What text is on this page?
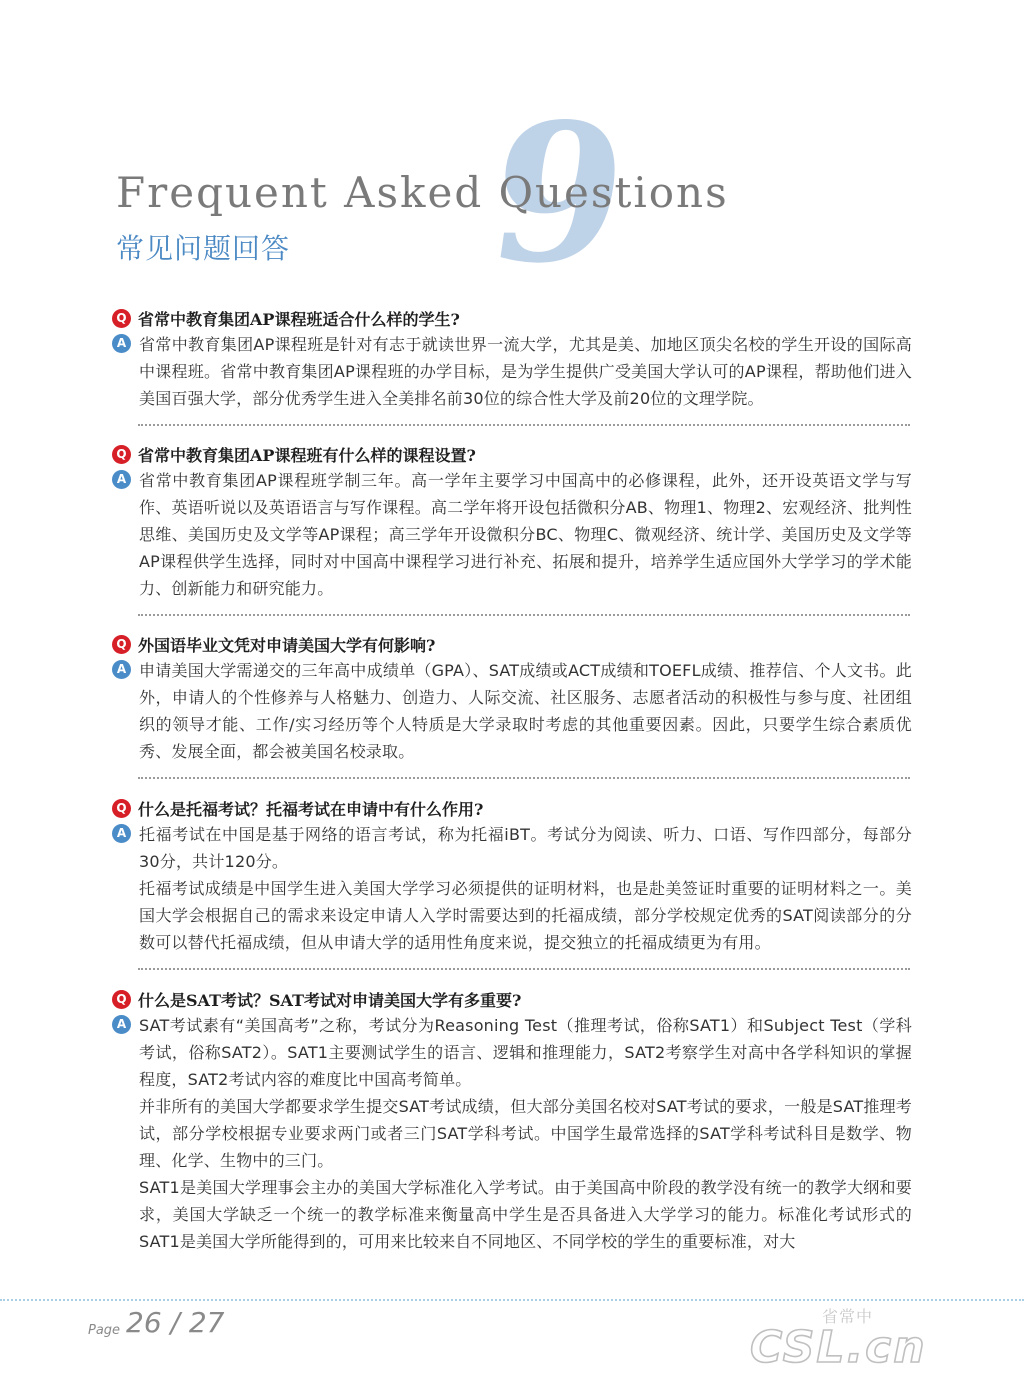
9
Frequent Asked Questions
常见问题回答
Q 省常中教育集团AP课程班适合什么样的学生?
A 省常中教育集团AP课程班是针对有志于就读世界一流大学，尤其是美、加地区顶尖名校的学生开设的国际高中课程班。省常中教育集团AP课程班的办学目标，是为学生提供广受美国大学认可的AP课程，帮助他们进入美国百强大学，部分优秀学生进入全美排名前30位的综合性大学及前20位的文理学院。

Q 省常中教育集团AP课程班有什么样的课程设置?
A 省常中教育集团AP课程班学制三年。高一学年主要学习中国高中的必修课程，此外，还开设英语文学与写作、英语听说以及英语语言与写作课程。高二学年将开设包括微积分AB、物理1、物理2、宏观经济、批判性思维、美国历史及文学等AP课程；高三学年开设微积分BC、物理C、微观经济、统计学、美国历史及文学等AP课程供学生选择，同时对中国高中课程学习进行补充、拓展和提升，培养学生适应国外大学学习的学术能力、创新能力和研究能力。

Q 外国语毕业文凭对申请美国大学有何影响?
A 申请美国大学需递交的三年高中成绩单（GPA）、SAT成绩或ACT成绩和TOEFL成绩、推荐信、个人文书。此外，申请人的个性修养与人格魅力、创造力、人际交流、社区服务、志愿者活动的积极性与参与度、社团组织的领导才能、工作/实习经历等个人特质是大学录取时考虑的其他重要因素。因此，只要学生综合素质优秀、发展全面，都会被美国名校录取。

Q 什么是托福考试？托福考试在申请中有什么作用?
A 托福考试在中国是基于网络的语言考试，称为托福iBT。考试分为阅读、听力、口语、写作四部分，每部分30分，共计120分。

托福考试成绩是中国学生进入美国大学学习必须提供的证明材料，也是赴美签证时重要的证明材料之一。美国大学会根据自己的需求来设定申请人入学时需要达到的托福成绩，部分学校规定优秀的SAT阅读部分的分数可以替代托福成绩，但从申请大学的适用性角度来说，提交独立的托福成绩更为有用。

Q 什么是SAT考试？SAT考试对申请美国大学有多重要?
A SAT考试素有“美国高考”之称，考试分为Reasoning Test（推理考试，俗称SAT1）和Subject Test（学科考试，俗称SAT2）。SAT1主要测试学生的语言、逻辑和推理能力，SAT2考察学生对高中各学科知识的掌握程度，SAT2考试内容的难度比中国高考简单。

并非所有的美国大学都要求学生提交SAT考试成绩，但大部分美国名校对SAT考试的要求，一般是SAT推理考试，部分学校根据专业要求两门或者三门SAT学科考试。中国学生最常选择的SAT学科考试科目是数学、物理、化学、生物中的三门。

SAT1是美国大学理事会主办的美国大学标准化入学考试。由于美国高中阶段的教学没有统一的教学大纲和要求，美国大学缺乏一个统一的教学标准来衡量高中学生是否具备进入大学学习的能力。标准化考试形式的SAT1是美国大学所能得到的，可用来比较来自不同地区、不同学校的学生的重要标准，对大

Page 26 / 27	省常中
CSL.cn
